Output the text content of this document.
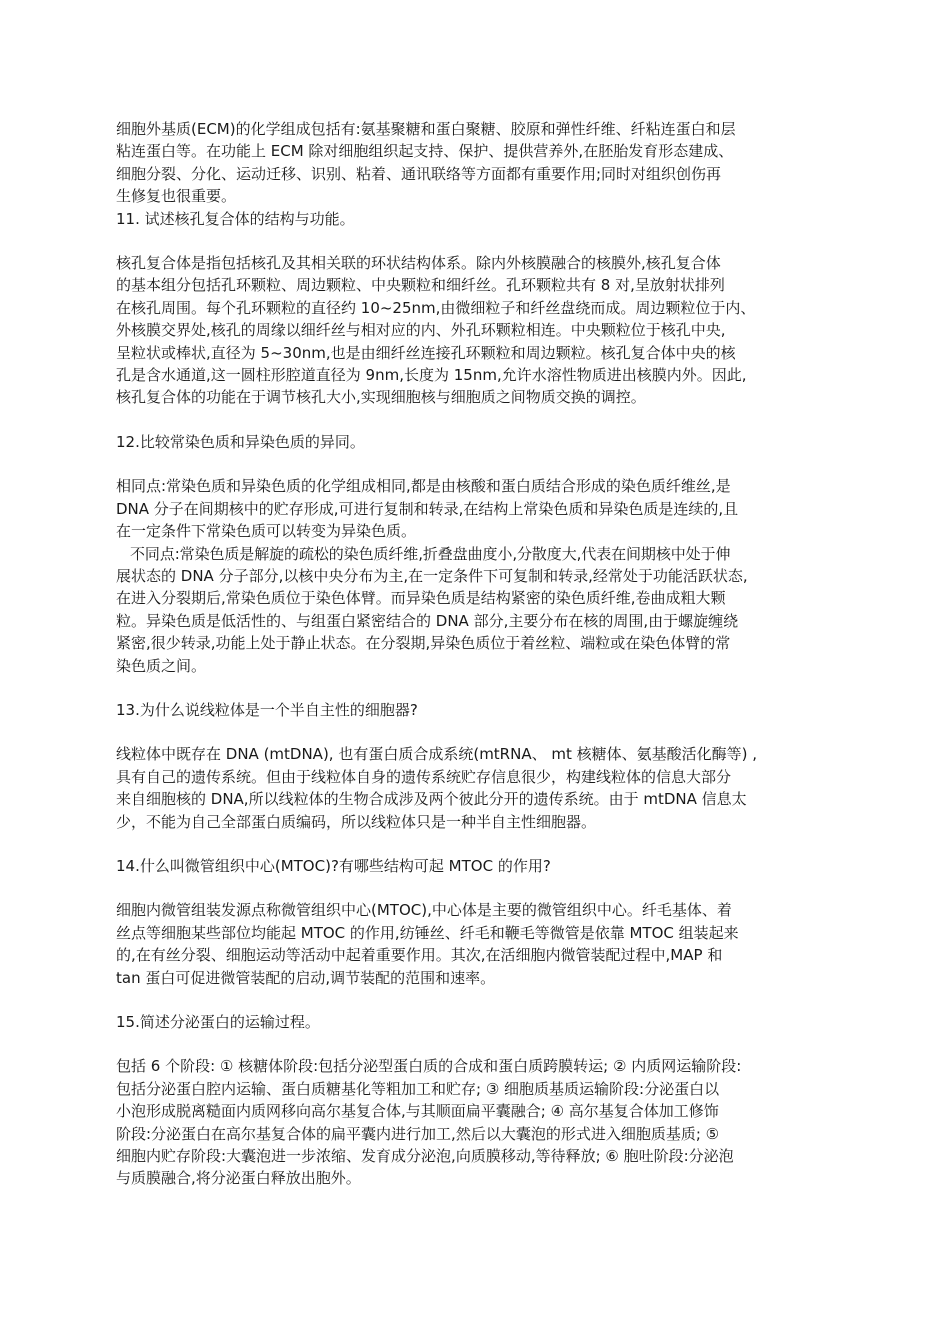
细胞外基质(ECM)的化学组成包括有:氨基聚糖和蛋白聚糖、胶原和弹性纤维、纤粘连蛋白和层
粘连蛋白等。在功能上 ECM 除对细胞组织起支持、保护、提供营养外,在胚胎发育形态建成、
细胞分裂、分化、运动迁移、识别、粘着、通讯联络等方面都有重要作用;同时对组织创伤再
生修复也很重要。

11. 试述核孔复合体的结构与功能。

核孔复合体是指包括核孔及其相关联的环状结构体系。除内外核膜融合的核膜外,核孔复合体
的基本组分包括孔环颗粒、周边颗粒、中央颗粒和细纤丝。孔环颗粒共有 8 对,呈放射状排列
在核孔周围。每个孔环颗粒的直径约 10~25nm,由微细粒子和纤丝盘绕而成。周边颗粒位于内、
外核膜交界处,核孔的周缘以细纤丝与相对应的内、外孔环颗粒相连。中央颗粒位于核孔中央,
呈粒状或棒状,直径为 5~30nm,也是由细纤丝连接孔环颗粒和周边颗粒。核孔复合体中央的核
孔是含水通道,这一圆柱形腔道直径为 9nm,长度为 15nm,允许水溶性物质进出核膜内外。因此,
核孔复合体的功能在于调节核孔大小,实现细胞核与细胞质之间物质交换的调控。

12.比较常染色质和异染色质的异同。

相同点:常染色质和异染色质的化学组成相同,都是由核酸和蛋白质结合形成的染色质纤维丝,是
DNA 分子在间期核中的贮存形成,可进行复制和转录,在结构上常染色质和异染色质是连续的,且
在一定条件下常染色质可以转变为异染色质。

不同点:常染色质是解旋的疏松的染色质纤维,折叠盘曲度小,分散度大,代表在间期核中处于伸
展状态的 DNA 分子部分,以核中央分布为主,在一定条件下可复制和转录,经常处于功能活跃状态,
在进入分裂期后,常染色质位于染色体臂。而异染色质是结构紧密的染色质纤维,卷曲成粗大颗
粒。异染色质是低活性的、与组蛋白紧密结合的 DNA 部分,主要分布在核的周围,由于螺旋缠绕
紧密,很少转录,功能上处于静止状态。在分裂期,异染色质位于着丝粒、端粒或在染色体臂的常
染色质之间。

13.为什么说线粒体是一个半自主性的细胞器?

线粒体中既存在 DNA (mtDNA), 也有蛋白质合成系统(mtRNA、 mt 核糖体、氨基酸活化酶等) ,
具有自己的遗传系统。但由于线粒体自身的遗传系统贮存信息很少，构建线粒体的信息大部分
来自细胞核的 DNA,所以线粒体的生物合成涉及两个彼此分开的遗传系统。由于 mtDNA 信息太
少，不能为自己全部蛋白质编码，所以线粒体只是一种半自主性细胞器。

14.什么叫微管组织中心(MTOC)?有哪些结构可起 MTOC 的作用?

细胞内微管组装发源点称微管组织中心(MTOC),中心体是主要的微管组织中心。纤毛基体、着
丝点等细胞某些部位均能起 MTOC 的作用,纺锤丝、纤毛和鞭毛等微管是依靠 MTOC 组装起来
的,在有丝分裂、细胞运动等活动中起着重要作用。其次,在活细胞内微管装配过程中,MAP 和
tan 蛋白可促进微管装配的启动,调节装配的范围和速率。

15.简述分泌蛋白的运输过程。

包括 6 个阶段: ① 核糖体阶段:包括分泌型蛋白质的合成和蛋白质跨膜转运; ② 内质网运输阶段:
包括分泌蛋白腔内运输、蛋白质糖基化等粗加工和贮存; ③ 细胞质基质运输阶段:分泌蛋白以
小泡形成脱离糙面内质网移向高尔基复合体,与其顺面扁平囊融合; ④ 高尔基复合体加工修饰
阶段:分泌蛋白在高尔基复合体的扁平囊内进行加工,然后以大囊泡的形式进入细胞质基质; ⑤
细胞内贮存阶段:大囊泡进一步浓缩、发育成分泌泡,向质膜移动,等待释放; ⑥ 胞吐阶段:分泌泡
与质膜融合,将分泌蛋白释放出胞外。
